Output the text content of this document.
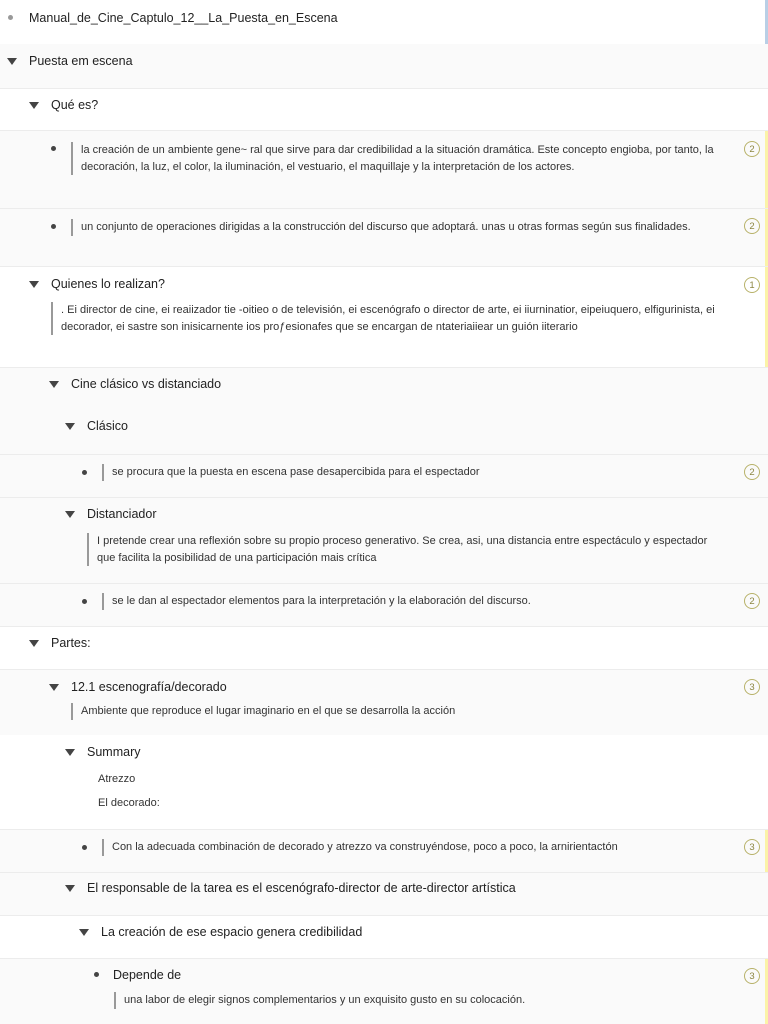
Manual_de_Cine_Captulo_12__La_Puesta_en_Escena
Puesta em escena
Qué es?
la creación de un ambiente gene~ ral que sirve para dar credibilidad a la situación dramática. Este concepto engioba, por tanto, la decoración, la luz, el color, la iluminación, el vestuario, el maquillaje y la interpretación de los actores.
2
un conjunto de operaciones dirigidas a la construcción del discurso que adoptará. unas u otras formas según sus finalidades.	2
Quienes lo realizan?	1
. Ei director de cine, ei reaiizador tie -oitieo o de televisión, ei escenógrafo o director de arte, ei iiurninatior, eipeiuquero, elfigurinista, ei decorador, ei sastre son inisicarnente ios proƒesionafes que se encargan de ntateriaiiear un guión iiterario
Cine clásico vs distanciado
Clásico
se procura que la puesta en escena pase desapercibida para el espectador	2
Distanciador
I pretende crear una reflexión sobre su propio proceso generativo. Se crea, asi, una distancia entre espectáculo y espectador que facilita la posibilidad de una participación mais crítica
se le dan al espectador elementos para la interpretación y la elaboración del discurso.	2
Partes:
12.1 escenografía/decorado	3
Ambiente que reproduce el lugar imaginario en el que se desarrolla la acción
Summary
Atrezzo
El decorado:
Con la adecuada combinación de decorado y atrezzo va construyéndose, poco a poco, la arnirientactón	3
El responsable de la tarea es el escenógrafo-director de arte-director artística
La creación de ese espacio genera credibilidad
Depende de	3
una labor de elegir signos complementarios y un exquisito gusto en su colocación.
